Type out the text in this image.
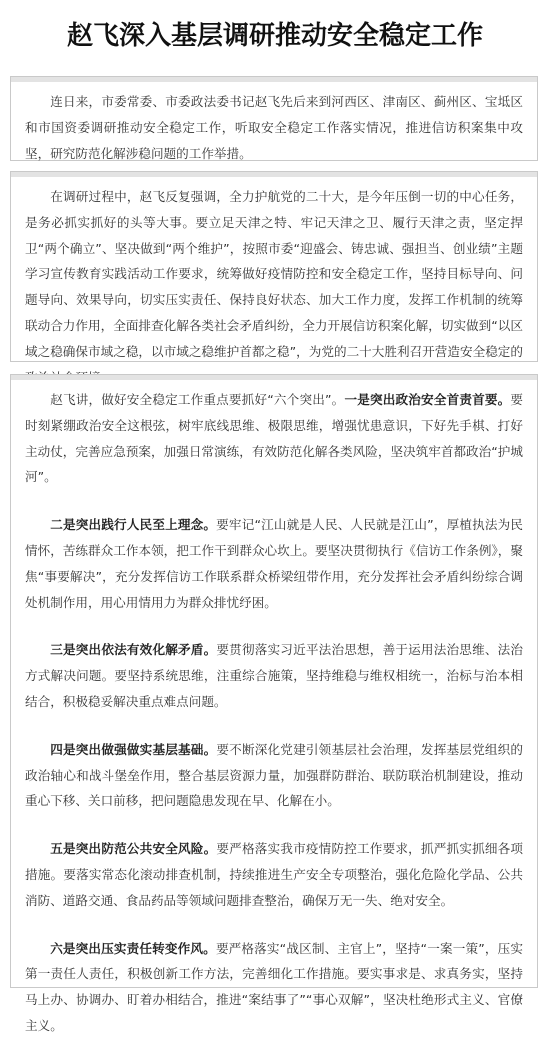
赵飞深入基层调研推动安全稳定工作

连日来，市委常委、市委政法委书记赵飞先后来到河西区、津南区、蓟州区、宝坻区和市国资委调研推动安全稳定工作，听取安全稳定工作落实情况，推进信访积案集中攻坚，研究防范化解涉稳问题的工作举措。

在调研过程中，赵飞反复强调，全力护航党的二十大，是今年压倒一切的中心任务，是务必抓实抓好的头等大事。要立足天津之特、牢记天津之卫、履行天津之责，坚定捍卫“两个确立”、坚决做到“两个维护”，按照市委“迎盛会、铸忠诚、强担当、创业绩”主题学习宣传教育实践活动工作要求，统筹做好疫情防控和安全稳定工作，坚持目标导向、问题导向、效果导向，切实压实责任、保持良好状态、加大工作力度，发挥工作机制的统筹联动合力作用，全面排查化解各类社会矛盾纠纷，全力开展信访积案化解，切实做到“以区域之稳确保市域之稳，以市域之稳维护首都之稳”，为党的二十大胜利召开营造安全稳定的

赵飞讲，做好安全稳定工作重点要抓好“六个突出”。一是突出政治安全首责首要。要时刻紧绷政治安全这根弦，树牢底线思维、极限思维，增强忧患意识，下好先手棋、打好主动仗，完善应急预案，加强日常演练，有效防范化解各类风险，坚决筑牢首都政治“护城河”。

二是突出践行人民至上理念。要牢记“江山就是人民、人民就是江山”，厚植执法为民情怀，苦练群众工作本领，把工作干到群众心坎上。要坚决贯彻执行《信访工作条例》，聚焦“事要解决”，充分发挥信访工作联系群众桥梁纽带作用，充分发挥社会矛盾纠纷综合调处机制作用，用心用情用力为群众排忧纾困。

三是突出依法有效化解矛盾。要贯彻落实习近平法治思想，善于运用法治思维、法治方式解决问题。要坚持系统思维，注重综合施策，坚持维稳与维权相统一，治标与治本相结合，积极稳妥解决重点难点问题。

四是突出做强做实基层基础。要不断深化党建引领基层社会治理，发挥基层党组织的政治轴心和战斗堡垒作用，整合基层资源力量，加强群防群治、联防联治机制建设，推动重心下移、关口前移，把问题隐患发现在早、化解在小。

五是突出防范公共安全风险。要严格落实我市疫情防控工作要求，抓严抓实抓细各项措施。要落实常态化滚动排查机制，持续推进生产安全专项整治，强化危险化学品、公共消防、道路交通、食品药品等领域问题排查整治，确保万无一失、绝对安全。

六是突出压实责任转变作风。要严格落实“战区制、主官上”，坚持“一案一策”，压实第一责任人责任，积极创新工作方法，完善细化工作措施。要实事求是、求真务实，坚持马上办、协调办、盯着办相结合，推进“案结事了”“事心双解”，坚决杜绝形式主义、官僚主义。
